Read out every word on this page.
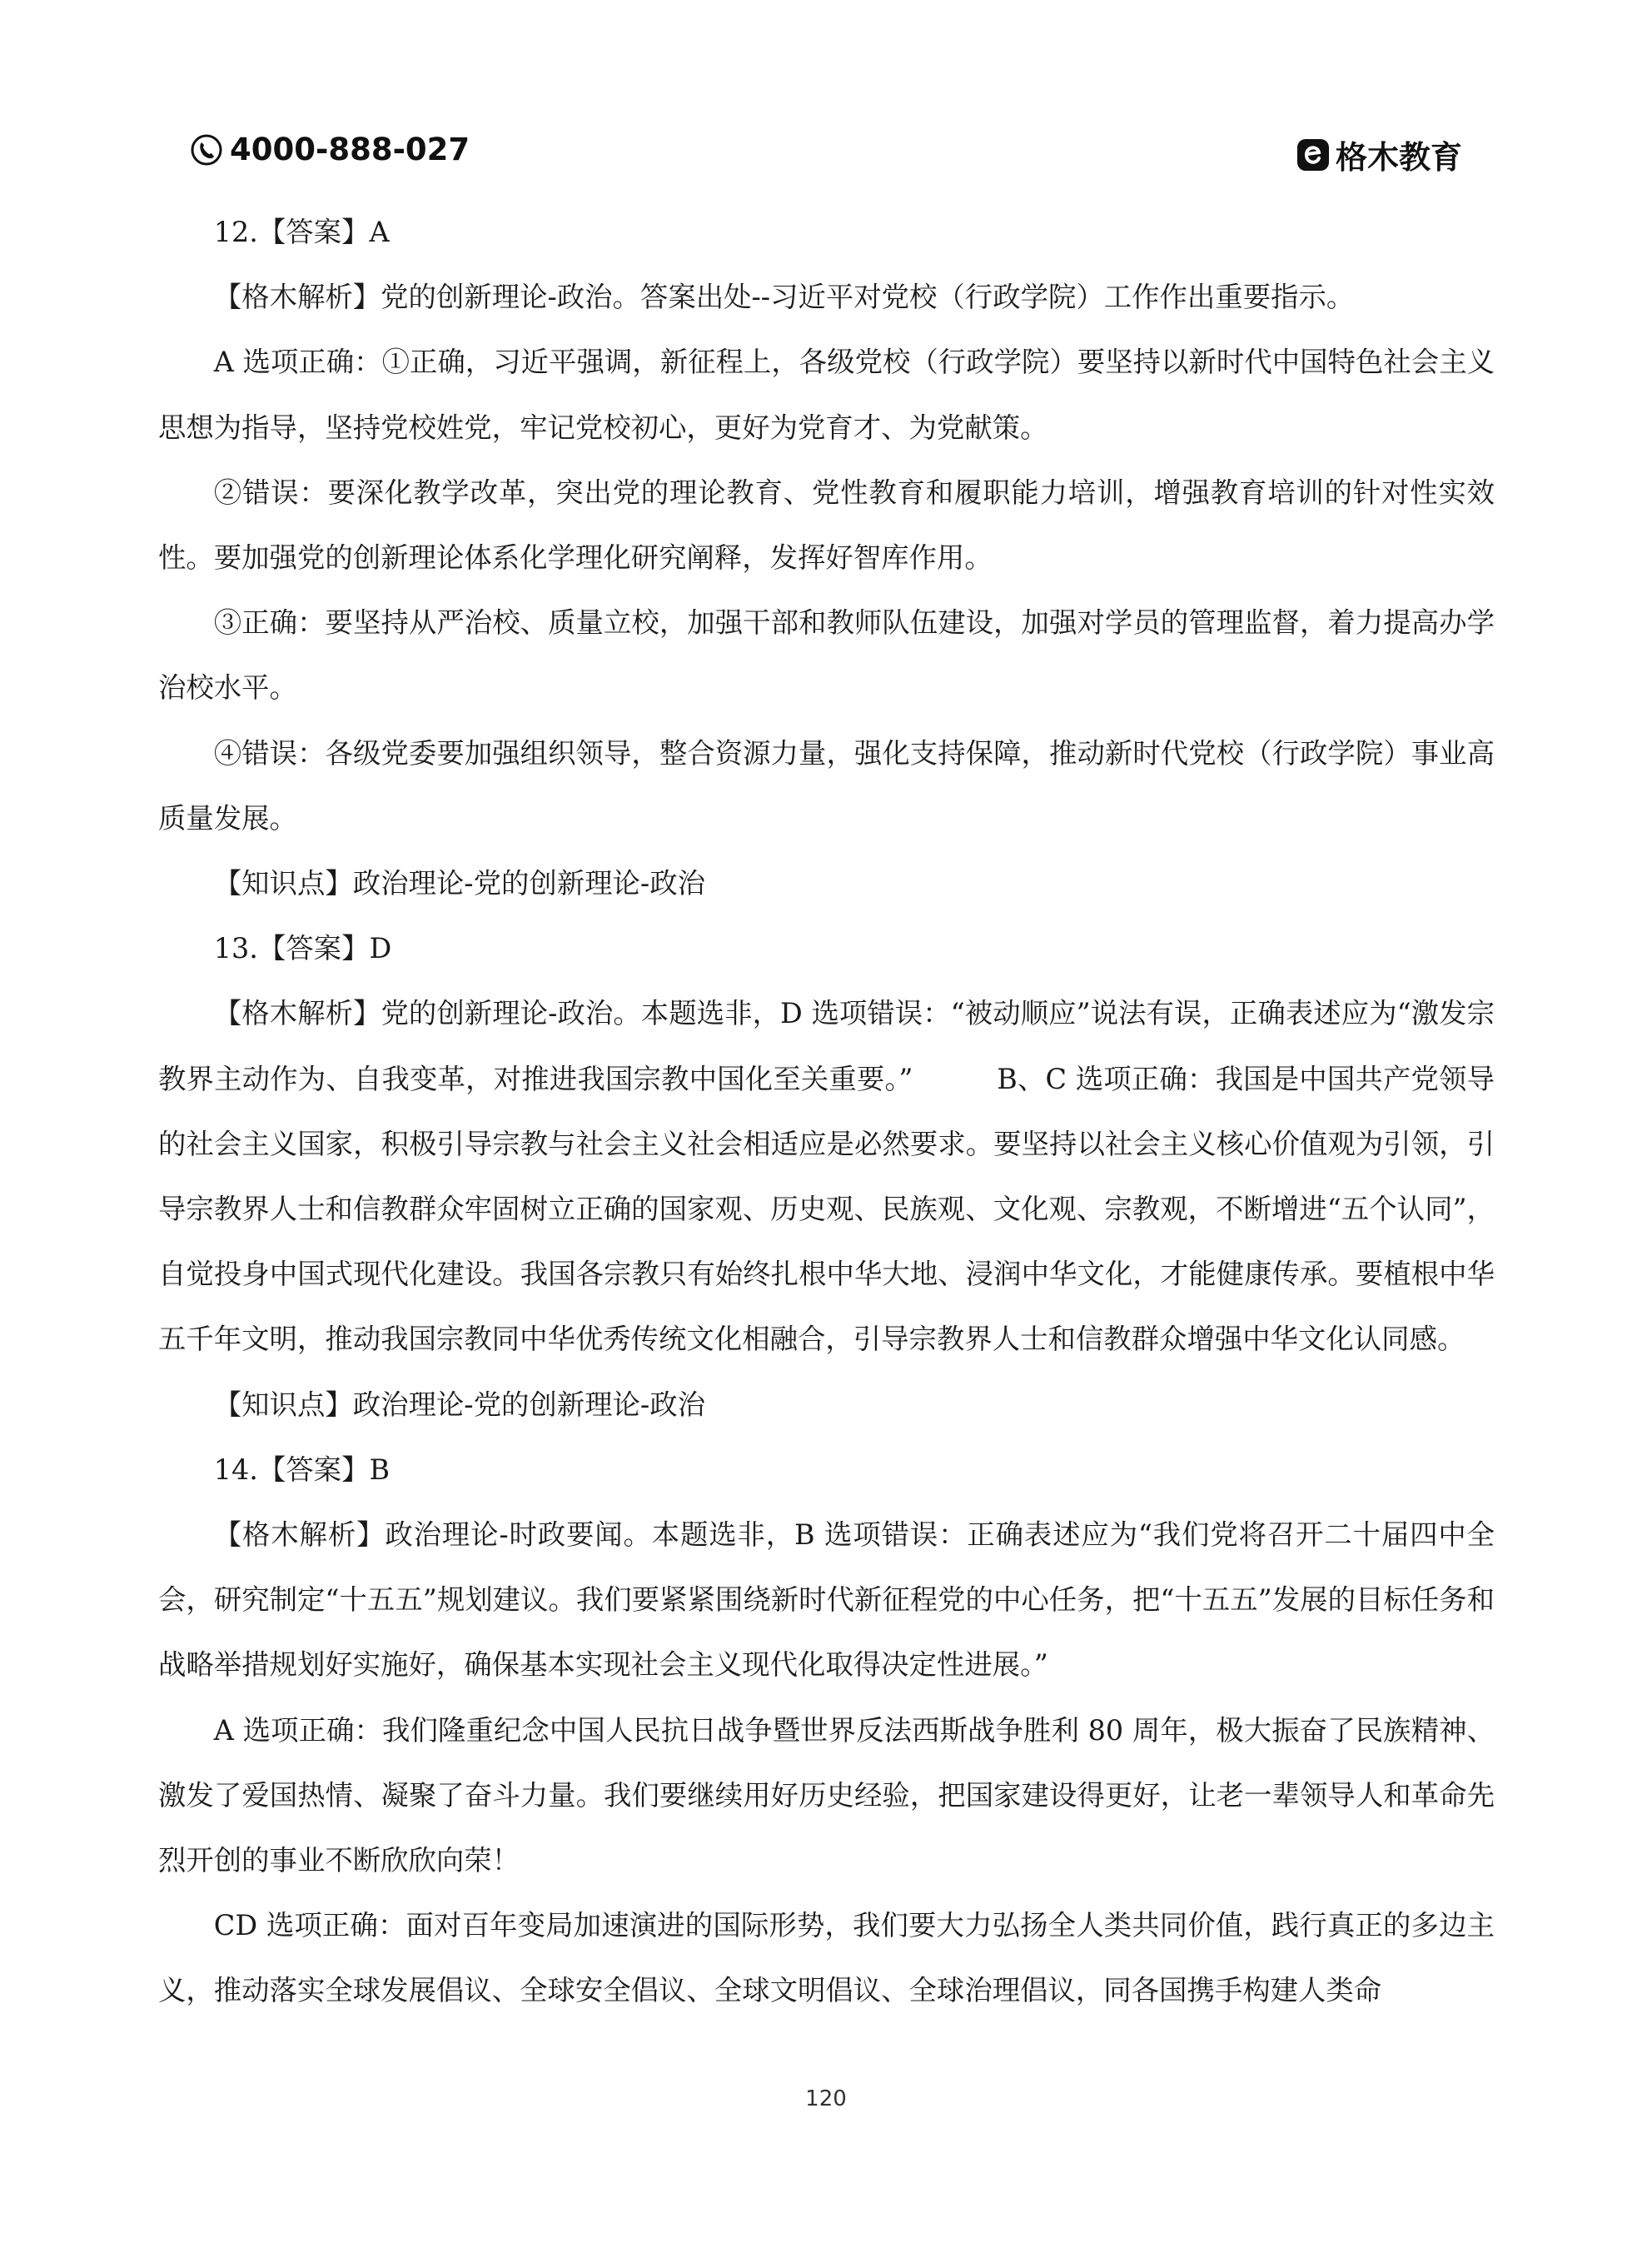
4000-888-027	格木教育

12.【答案】A

【格木解析】党的创新理论-政治。答案出处--习近平对党校（行政学院）工作作出重要指示。

A 选项正确：①正确，习近平强调，新征程上，各级党校（行政学院）要坚持以新时代中国特色社会主义思想为指导，坚持党校姓党，牢记党校初心，更好为党育才、为党献策。

②错误：要深化教学改革，突出党的理论教育、党性教育和履职能力培训，增强教育培训的针对性实效性。要加强党的创新理论体系化学理化研究阐释，发挥好智库作用。

③正确：要坚持从严治校、质量立校，加强干部和教师队伍建设，加强对学员的管理监督，着力提高办学治校水平。

④错误：各级党委要加强组织领导，整合资源力量，强化支持保障，推动新时代党校（行政学院）事业高质量发展。

【知识点】政治理论-党的创新理论-政治

13.【答案】D

【格木解析】党的创新理论-政治。本题选非，D 选项错误：“被动顺应”说法有误，正确表述应为“激发宗教界主动作为、自我变革，对推进我国宗教中国化至关重要。”　　　B、C 选项正确：我国是中国共产党领导的社会主义国家，积极引导宗教与社会主义社会相适应是必然要求。要坚持以社会主义核心价值观为引领，引导宗教界人士和信教群众牢固树立正确的国家观、历史观、民族观、文化观、宗教观，不断增进“五个认同”，自觉投身中国式现代化建设。我国各宗教只有始终扎根中华大地、浸润中华文化，才能健康传承。要植根中华五千年文明，推动我国宗教同中华优秀传统文化相融合，引导宗教界人士和信教群众增强中华文化认同感。

【知识点】政治理论-党的创新理论-政治

14.【答案】B

【格木解析】政治理论-时政要闻。本题选非，B 选项错误：正确表述应为“我们党将召开二十届四中全会，研究制定“十五五”规划建议。我们要紧紧围绕新时代新征程党的中心任务，把“十五五”发展的目标任务和战略举措规划好实施好，确保基本实现社会主义现代化取得决定性进展。”

A 选项正确：我们隆重纪念中国人民抗日战争暨世界反法西斯战争胜利 80 周年，极大振奋了民族精神、激发了爱国热情、凝聚了奋斗力量。我们要继续用好历史经验，把国家建设得更好，让老一辈领导人和革命先烈开创的事业不断欣欣向荣！

CD 选项正确：面对百年变局加速演进的国际形势，我们要大力弘扬全人类共同价值，践行真正的多边主义，推动落实全球发展倡议、全球安全倡议、全球文明倡议、全球治理倡议，同各国携手构建人类命

120
